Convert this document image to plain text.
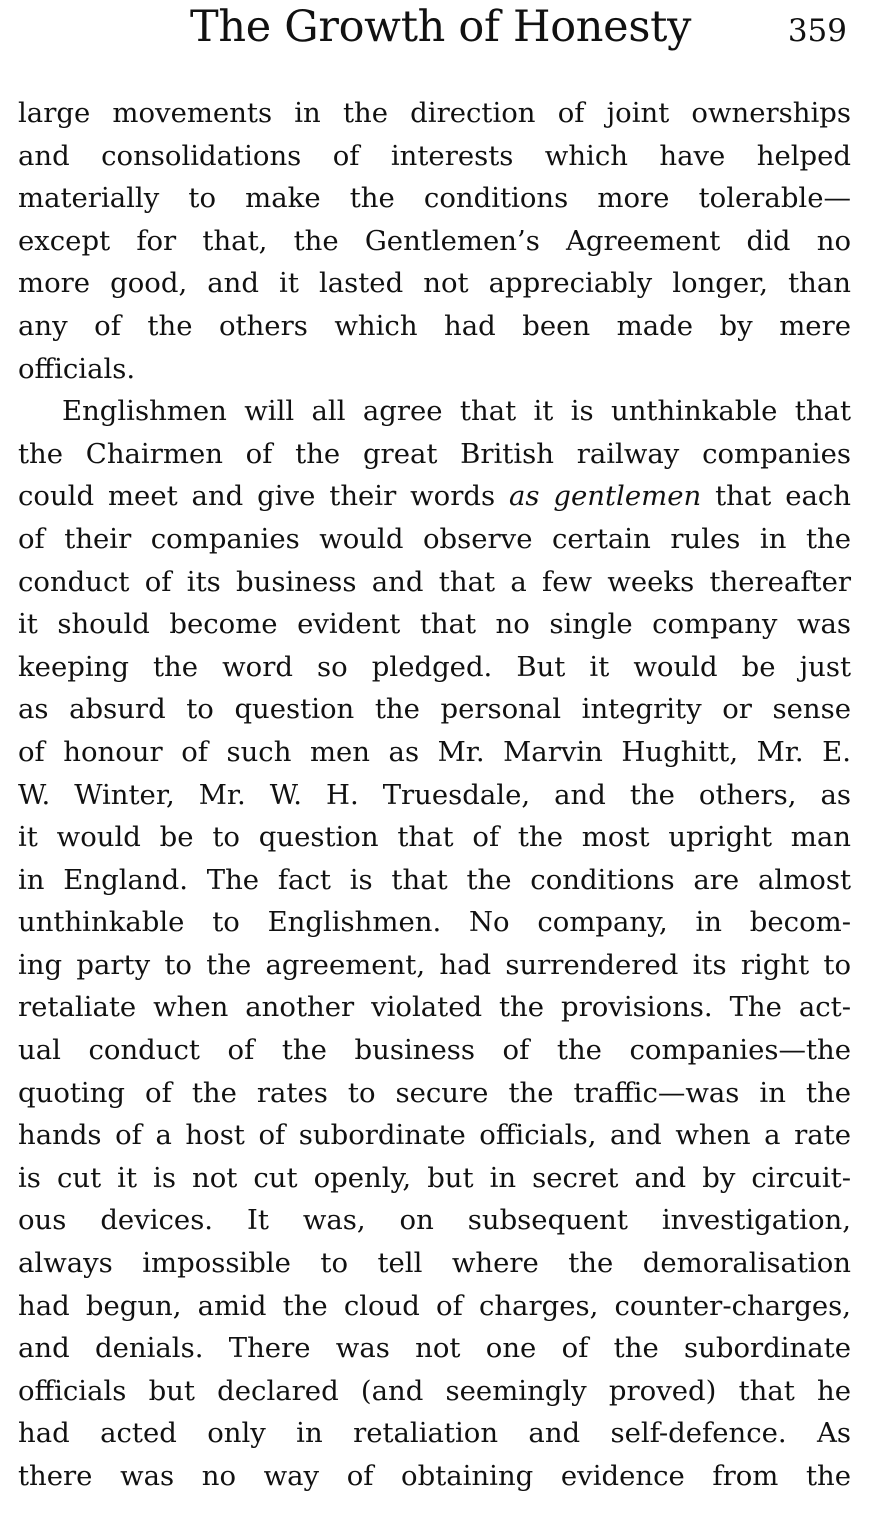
The Growth of Honesty	359
large movements in the direction of joint ownerships
and consolidations of interests which have helped
materially to make the conditions more tolerable—
except for that, the Gentlemen’s Agreement did no
more good, and it lasted not appreciably longer, than
any of the others which had been made by mere
officials.
Englishmen will all agree that it is unthinkable that
the Chairmen of the great British railway companies
could meet and give their words as gentlemen that each
of their companies would observe certain rules in the
conduct of its business and that a few weeks thereafter
it should become evident that no single company was
keeping the word so pledged. But it would be just
as absurd to question the personal integrity or sense
of honour of such men as Mr. Marvin Hughitt, Mr. E.
W. Winter, Mr. W. H. Truesdale, and the others, as
it would be to question that of the most upright man
in England. The fact is that the conditions are almost
unthinkable to Englishmen. No company, in becom-
ing party to the agreement, had surrendered its right to
retaliate when another violated the provisions. The act-
ual conduct of the business of the companies—the
quoting of the rates to secure the traffic—was in the
hands of a host of subordinate officials, and when a rate
is cut it is not cut openly, but in secret and by circuit-
ous devices. It was, on subsequent investigation,
always impossible to tell where the demoralisation
had begun, amid the cloud of charges, counter-charges,
and denials. There was not one of the subordinate
officials but declared (and seemingly proved) that he
had acted only in retaliation and self-defence. As
there was no way of obtaining evidence from the
